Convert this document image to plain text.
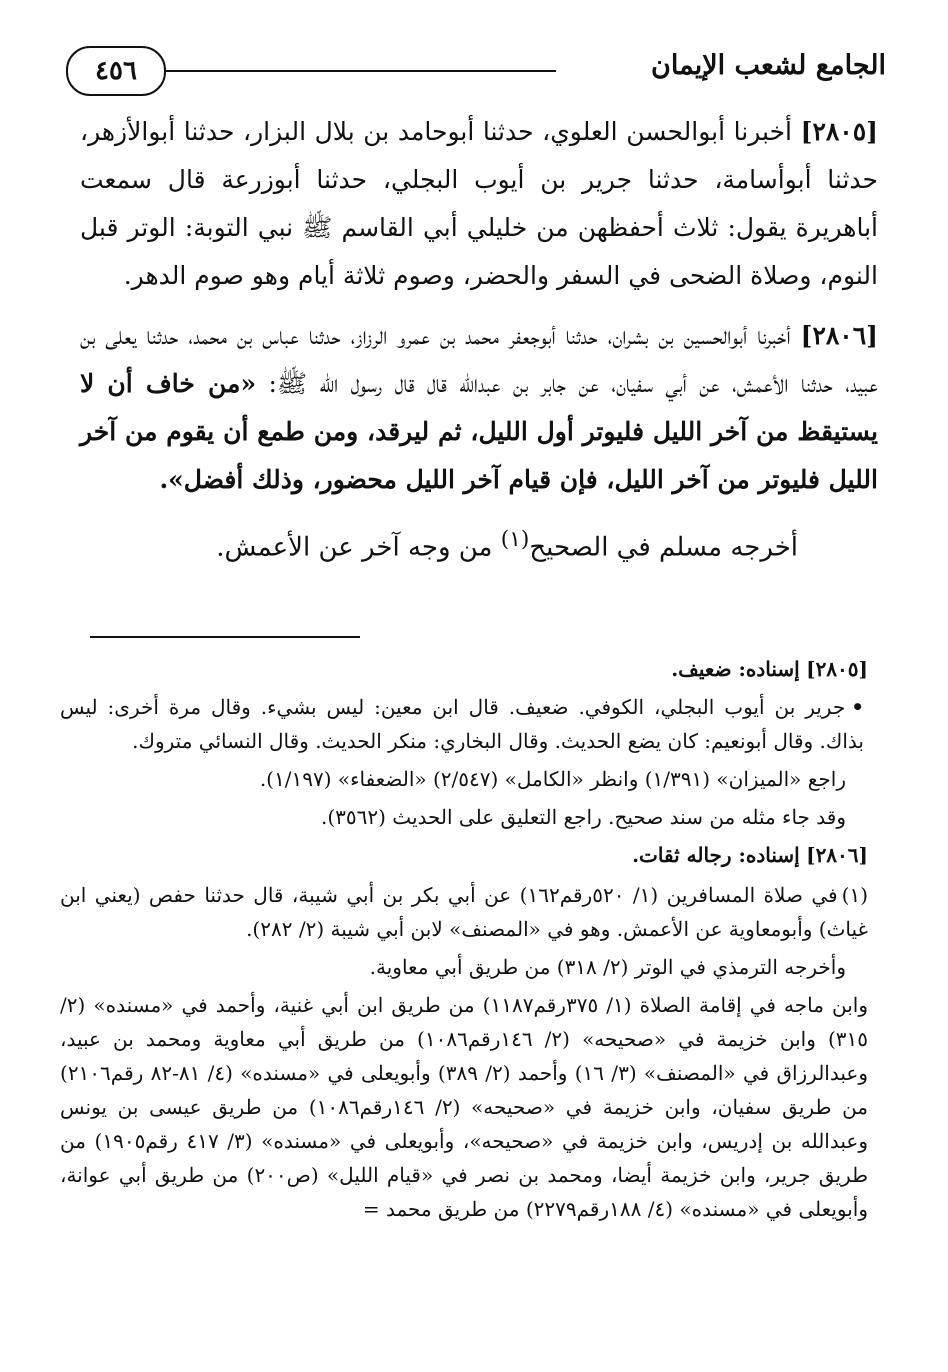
الجامع لشعب الإيمان
٤٥٦

[٢٨٠٥] أخبرنا أبوالحسن العلوي، حدثنا أبوحامد بن بلال البزار، حدثنا أبوالأزهر، حدثنا أبوأسامة، حدثنا جرير بن أيوب البجلي، حدثنا أبوزرعة قال سمعت أباهريرة يقول: ثلاث أحفظهن من خليلي أبي القاسم ﷺ نبي التوبة: الوتر قبل النوم، وصلاة الضحى في السفر والحضر، وصوم ثلاثة أيام وهو صوم الدهر.

[٢٨٠٦] أخبرنا أبوالحسين بن بشران، حدثنا أبوجعفر محمد بن عمرو الرزاز، حدثنا عباس بن محمد، حدثنا يعلى بن عبيد، حدثنا الأعمش، عن أبي سفيان، عن جابر بن عبدالله قال قال رسول الله ﷺ: «من خاف أن لا يستيقظ من آخر الليل فليوتر أول الليل، ثم ليرقد، ومن طمع أن يقوم من آخر الليل فليوتر من آخر الليل، فإن قيام آخر الليل محضور، وذلك أفضل».

أخرجه مسلم في الصحيح$^{(١)}$ من وجه آخر عن الأعمش.

[٢٨٠٥] إسناده: ضعيف.

•جرير بن أيوب البجلي، الكوفي. ضعيف. قال ابن معين: ليس بشيء. وقال مرة أخرى: ليس بذاك. وقال أبونعيم: كان يضع الحديث. وقال البخاري: منكر الحديث. وقال النسائي متروك.

راجع «الميزان» (١/٣٩١) وانظر «الكامل» (٢/٥٤٧) «الضعفاء» (١/١٩٧).

وقد جاء مثله من سند صحيح. راجع التعليق على الحديث (٣٥٦٢).

[٢٨٠٦] إسناده: رجاله ثقات.

(١)في صلاة المسافرين (١/ ٥٢٠رقم١٦٢) عن أبي بكر بن أبي شيبة، قال حدثنا حفص (يعني ابن غياث) وأبومعاوية عن الأعمش. وهو في «المصنف» لابن أبي شيبة (٢/ ٢٨٢).

وأخرجه الترمذي في الوتر (٢/ ٣١٨) من طريق أبي معاوية.

وابن ماجه في إقامة الصلاة (١/ ٣٧٥رقم١١٨٧) من طريق ابن أبي غنية، وأحمد في «مسنده» (٢/ ٣١٥) وابن خزيمة في «صحيحه» (٢/ ١٤٦رقم١٠٨٦) من طريق أبي معاوية ومحمد بن عبيد، وعبدالرزاق في «المصنف» (٣/ ١٦) وأحمد (٢/ ٣٨٩) وأبويعلى في «مسنده» (٤/ ٨١-٨٢ رقم٢١٠٦) من طريق سفيان، وابن خزيمة في «صحيحه» (٢/ ١٤٦رقم١٠٨٦) من طريق عيسى بن يونس وعبدالله بن إدريس، وابن خزيمة في «صحيحه»، وأبويعلى في «مسنده» (٣/ ٤١٧ رقم١٩٠٥) من طريق جرير، وابن خزيمة أيضا، ومحمد بن نصر في «قيام الليل» (ص٢٠٠) من طريق أبي عوانة، وأبويعلى في «مسنده» (٤/ ١٨٨رقم٢٢٧٩) من طريق محمد =
